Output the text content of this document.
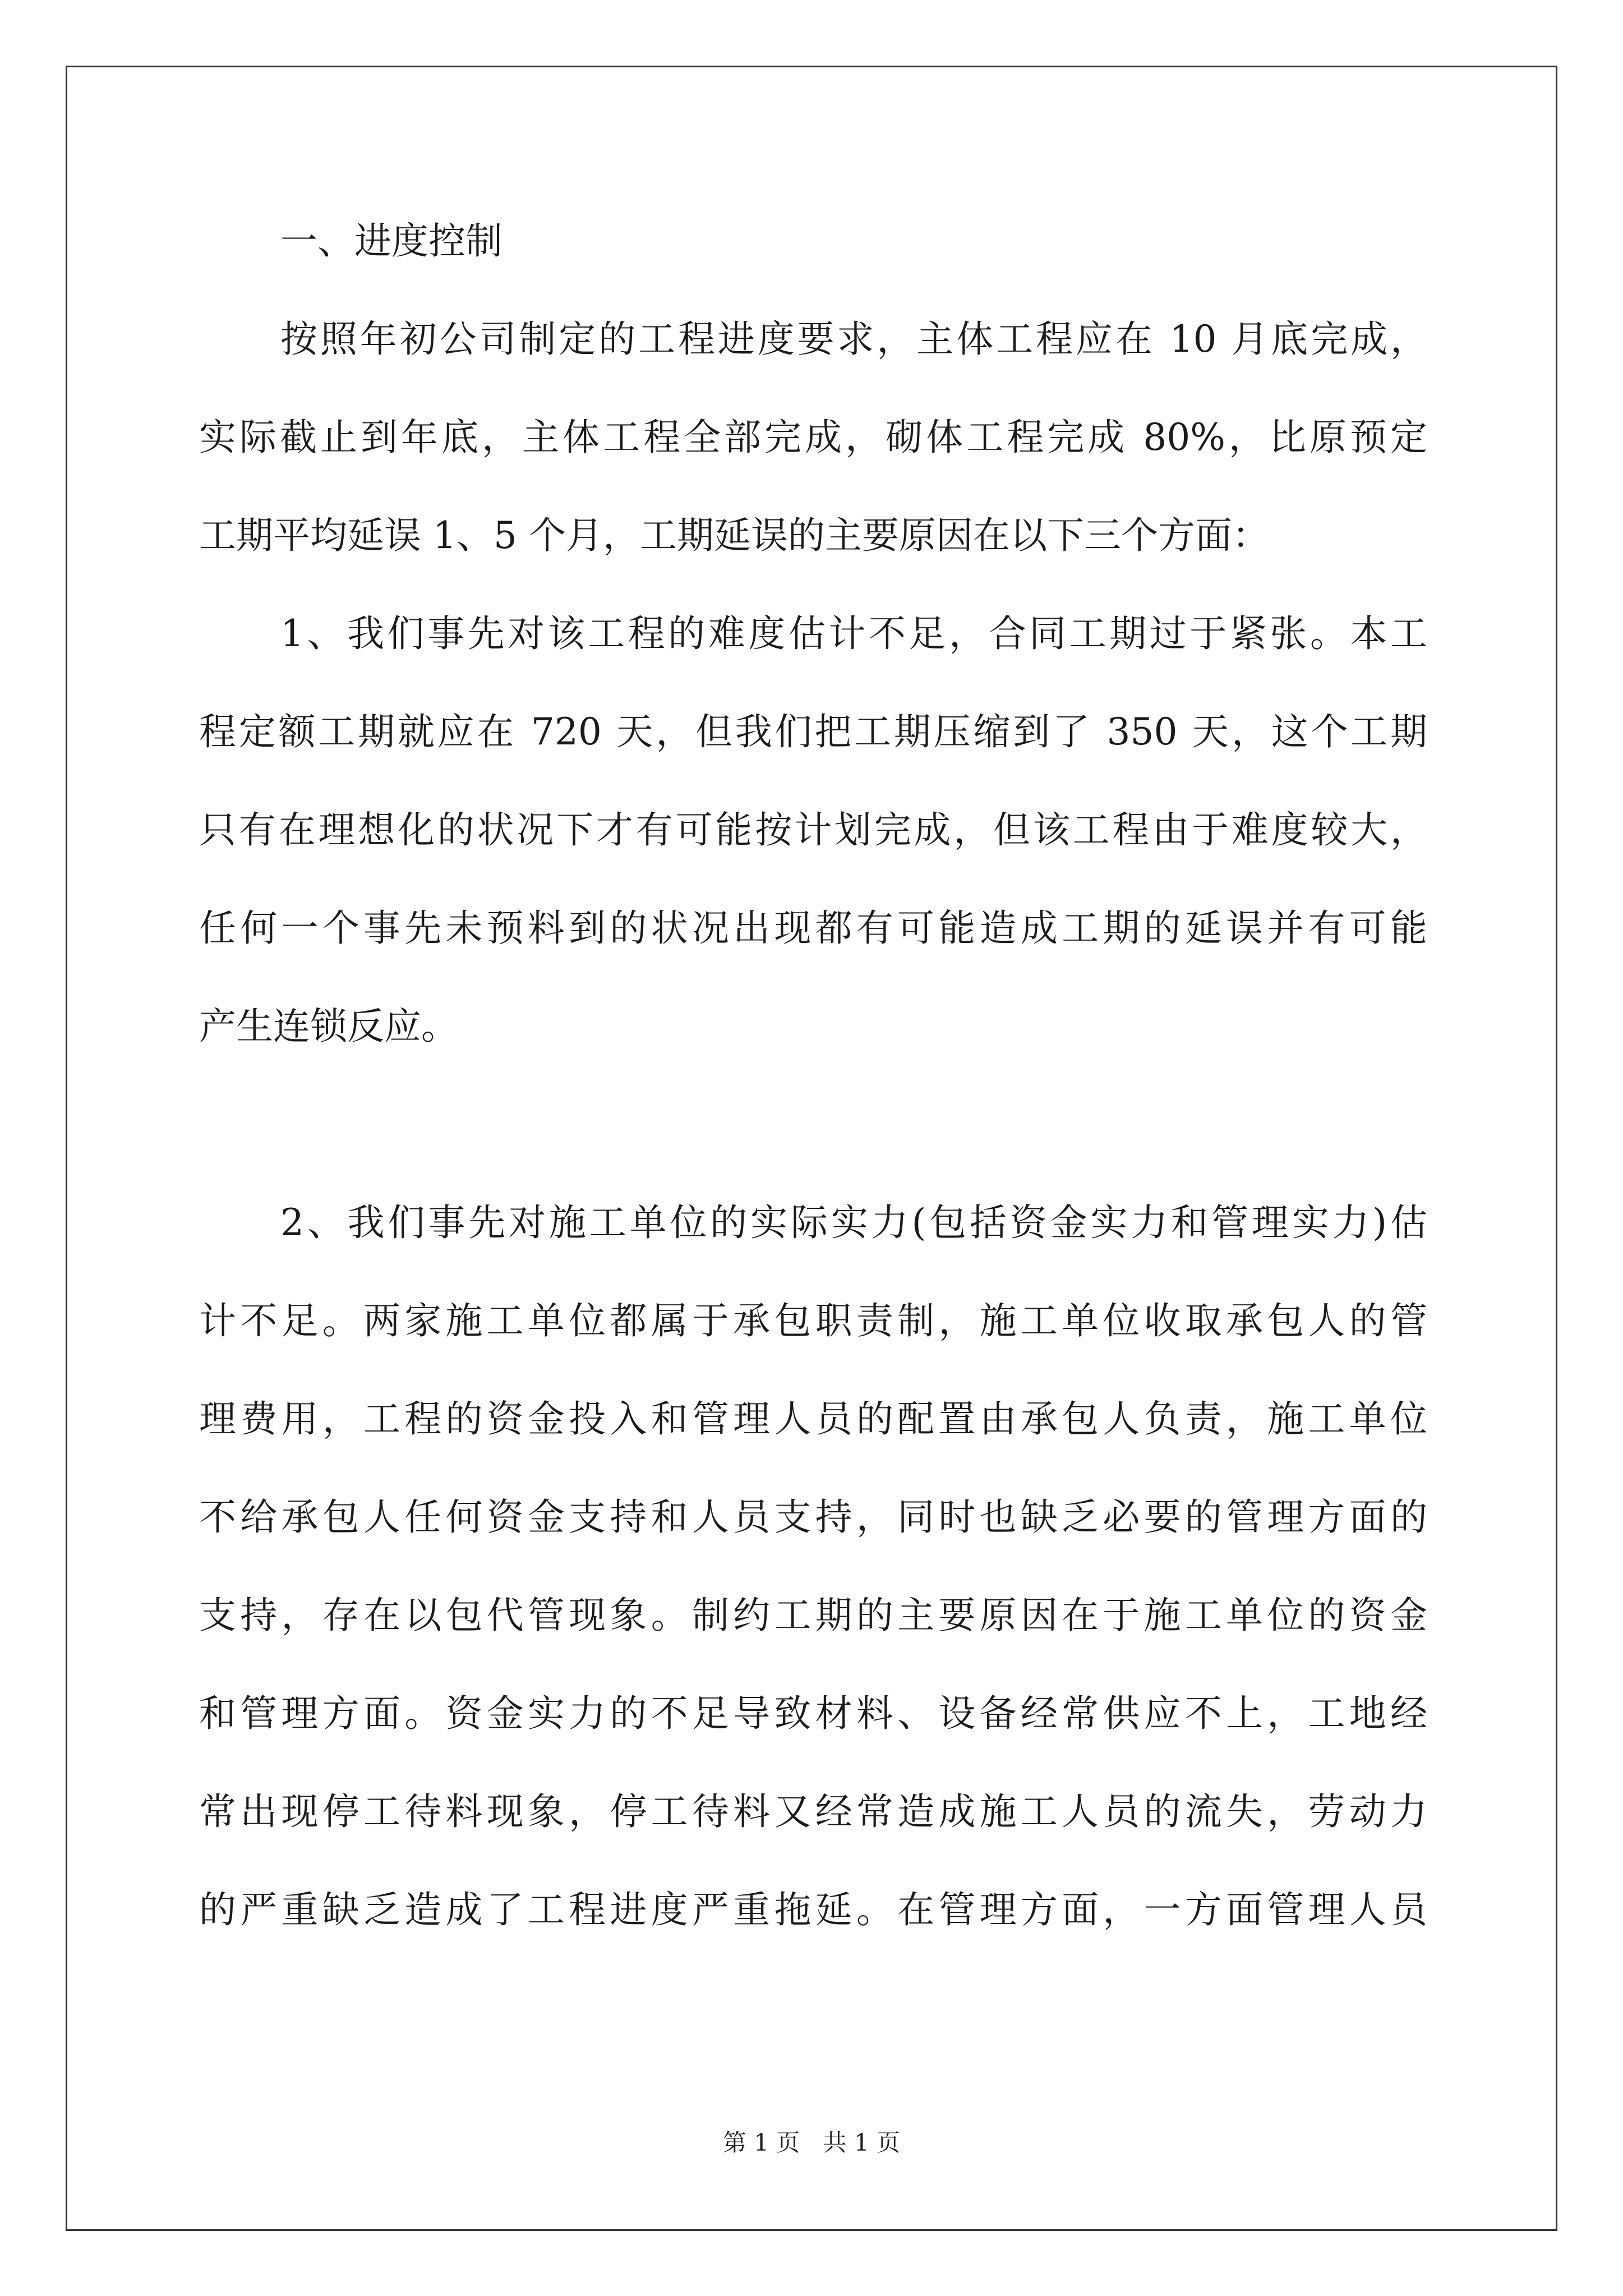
一、进度控制
按照年初公司制定的工程进度要求，主体工程应在 10 月底完成，
实际截止到年底，主体工程全部完成，砌体工程完成 80%，比原预定
工期平均延误 1、5 个月，工期延误的主要原因在以下三个方面：
1、我们事先对该工程的难度估计不足，合同工期过于紧张。本工
程定额工期就应在 720 天，但我们把工期压缩到了 350 天，这个工期
只有在理想化的状况下才有可能按计划完成，但该工程由于难度较大，
任何一个事先未预料到的状况出现都有可能造成工期的延误并有可能
产生连锁反应。
2、我们事先对施工单位的实际实力(包括资金实力和管理实力)估
计不足。两家施工单位都属于承包职责制，施工单位收取承包人的管
理费用，工程的资金投入和管理人员的配置由承包人负责，施工单位
不给承包人任何资金支持和人员支持，同时也缺乏必要的管理方面的
支持，存在以包代管现象。制约工期的主要原因在于施工单位的资金
和管理方面。资金实力的不足导致材料、设备经常供应不上，工地经
常出现停工待料现象，停工待料又经常造成施工人员的流失，劳动力
的严重缺乏造成了工程进度严重拖延。在管理方面，一方面管理人员
第 1 页 共 1 页
